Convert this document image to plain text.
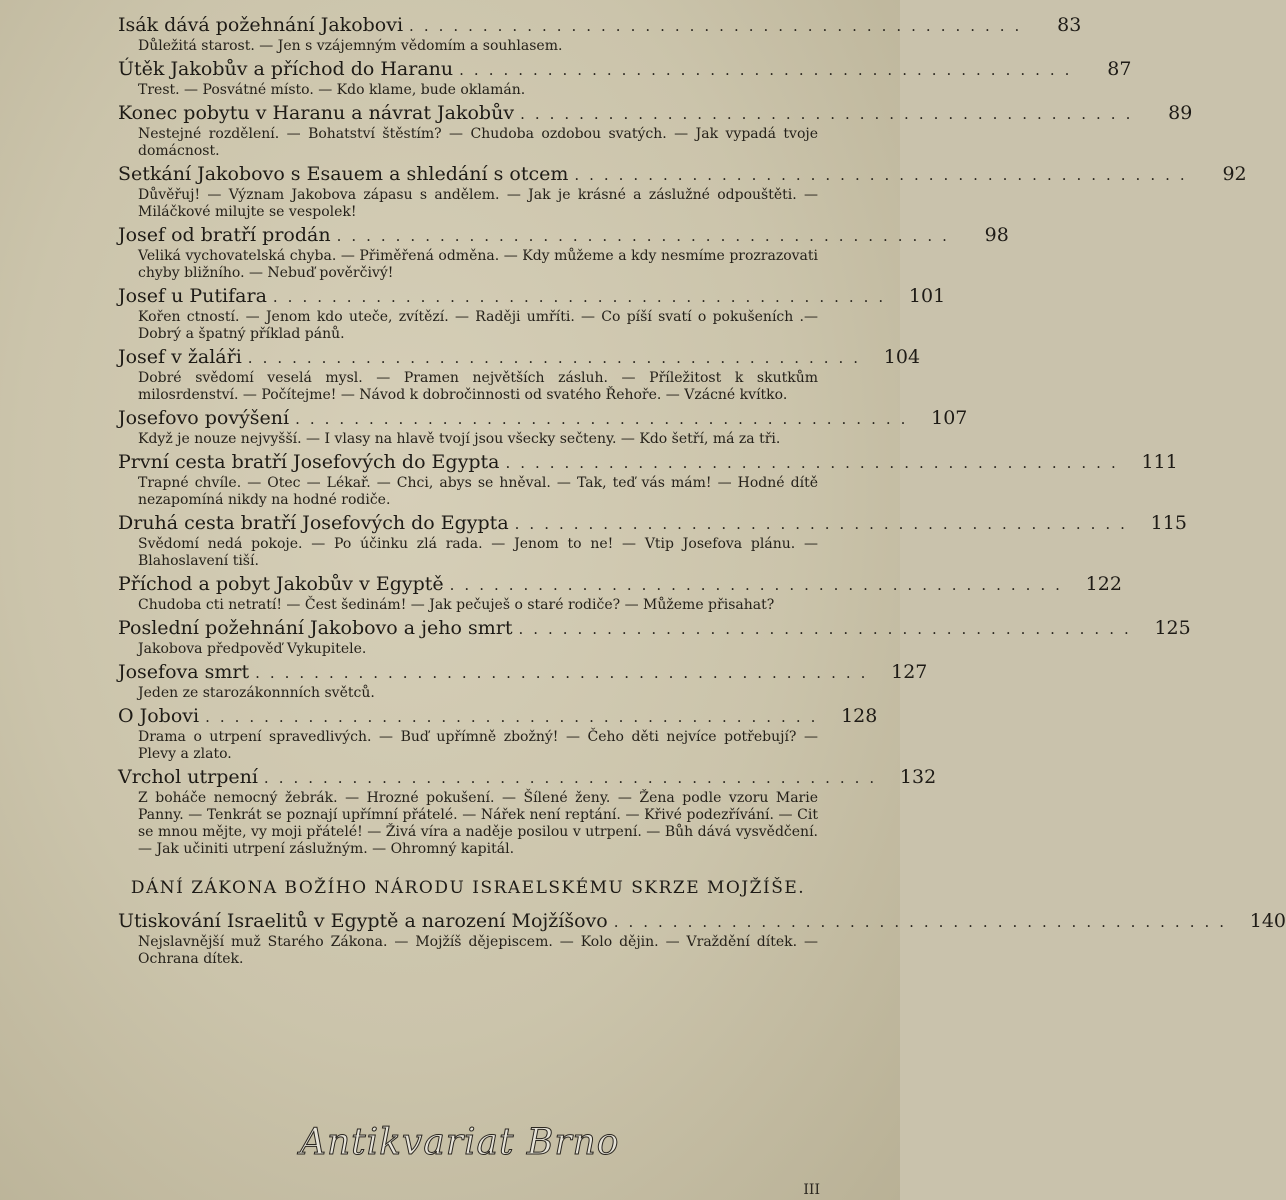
Isák dává požehnání Jakobovi ..........................................	83
Důležitá starost. — Jen s vzájemným vědomím a souhlasem.
Útěk Jakobův a příchod do Haranu ..........................................	87
Trest. — Posvátné místo. — Kdo klame, bude oklamán.
Konec pobytu v Haranu a návrat Jakobův ..........................................	89
Nestejné rozdělení. — Bohatství štěstím? — Chudoba ozdobou svatých. — Jak vypadá tvoje domácnost.
Setkání Jakobovo s Esauem a shledání s otcem ..........................................	92
Důvěřuj! — Význam Jakobova zápasu s andělem. — Jak je krásné a záslužné odpouštěti. — Miláčkové milujte se vespolek!
Josef od bratří prodán ..........................................	98
Veliká vychovatelská chyba. — Přiměřená odměna. — Kdy můžeme a kdy nesmíme prozrazovati chyby bližního. — Nebuď pověrčivý!
Josef u Putifara .......................................... 101
Kořen ctností. — Jenom kdo uteče, zvítězí. — Raději umříti. — Co píší svatí o pokušeních .— Dobrý a špatný příklad pánů.
Josef v žaláři .......................................... 104
Dobré svědomí veselá mysl. — Pramen největších zásluh. — Příležitost k skutkům milosrdenství. — Počítejme! — Návod k dobročinnosti od svatého Řehoře. — Vzácné kvítko.
Josefovo povýšení .......................................... 107
Když je nouze nejvyšší. — I vlasy na hlavě tvojí jsou všecky sečteny. — Kdo šetří, má za tři.
První cesta bratří Josefových do Egypta .......................................... 111
Trapné chvíle. — Otec — Lékař. — Chci, abys se hněval. — Tak, teď vás mám! — Hodné dítě nezapomíná nikdy na hodné rodiče.
Druhá cesta bratří Josefových do Egypta .......................................... 115
Svědomí nedá pokoje. — Po účinku zlá rada. — Jenom to ne! — Vtip Josefova plánu. — Blahoslavení tiší.
Příchod a pobyt Jakobův v Egyptě .......................................... 122
Chudoba cti netratí! — Čest šedinám! — Jak pečuješ o staré rodiče? — Můžeme přisahat?
Poslední požehnání Jakobovo a jeho smrt .......................................... 125
Jakobova předpověď Vykupitele.
Josefova smrt .......................................... 127
Jeden ze starozákonnních světců.
O Jobovi .......................................... 128
Drama o utrpení spravedlivých. — Buď upřímně zbožný! — Čeho děti nejvíce potřebují? — Plevy a zlato.
Vrchol utrpení .......................................... 132
Z boháče nemocný žebrák. — Hrozné pokušení. — Šílené ženy. — Žena podle vzoru Marie Panny. — Tenkrát se poznají upřímní přátelé. — Nářek není reptání. — Křivé podezřívání. — Cit se mnou mějte, vy moji přátelé! — Živá víra a naděje posilou v utrpení. — Bůh dává vysvědčení. — Jak učiniti utrpení záslužným. — Ohromný kapitál.
DÁNÍ ZÁKONA BOŽÍHO NÁRODU ISRAELSKÉMU SKRZE MOJŽÍŠE.
Utiskování Israelitů v Egyptě a narození Mojžíšovo .......................................... 140
Nejslavnější muž Starého Zákona. — Mojžíš dějepiscem. — Kolo dějin. — Vraždění dítek. — Ochrana dítek.
Antikvariat Brno
III
